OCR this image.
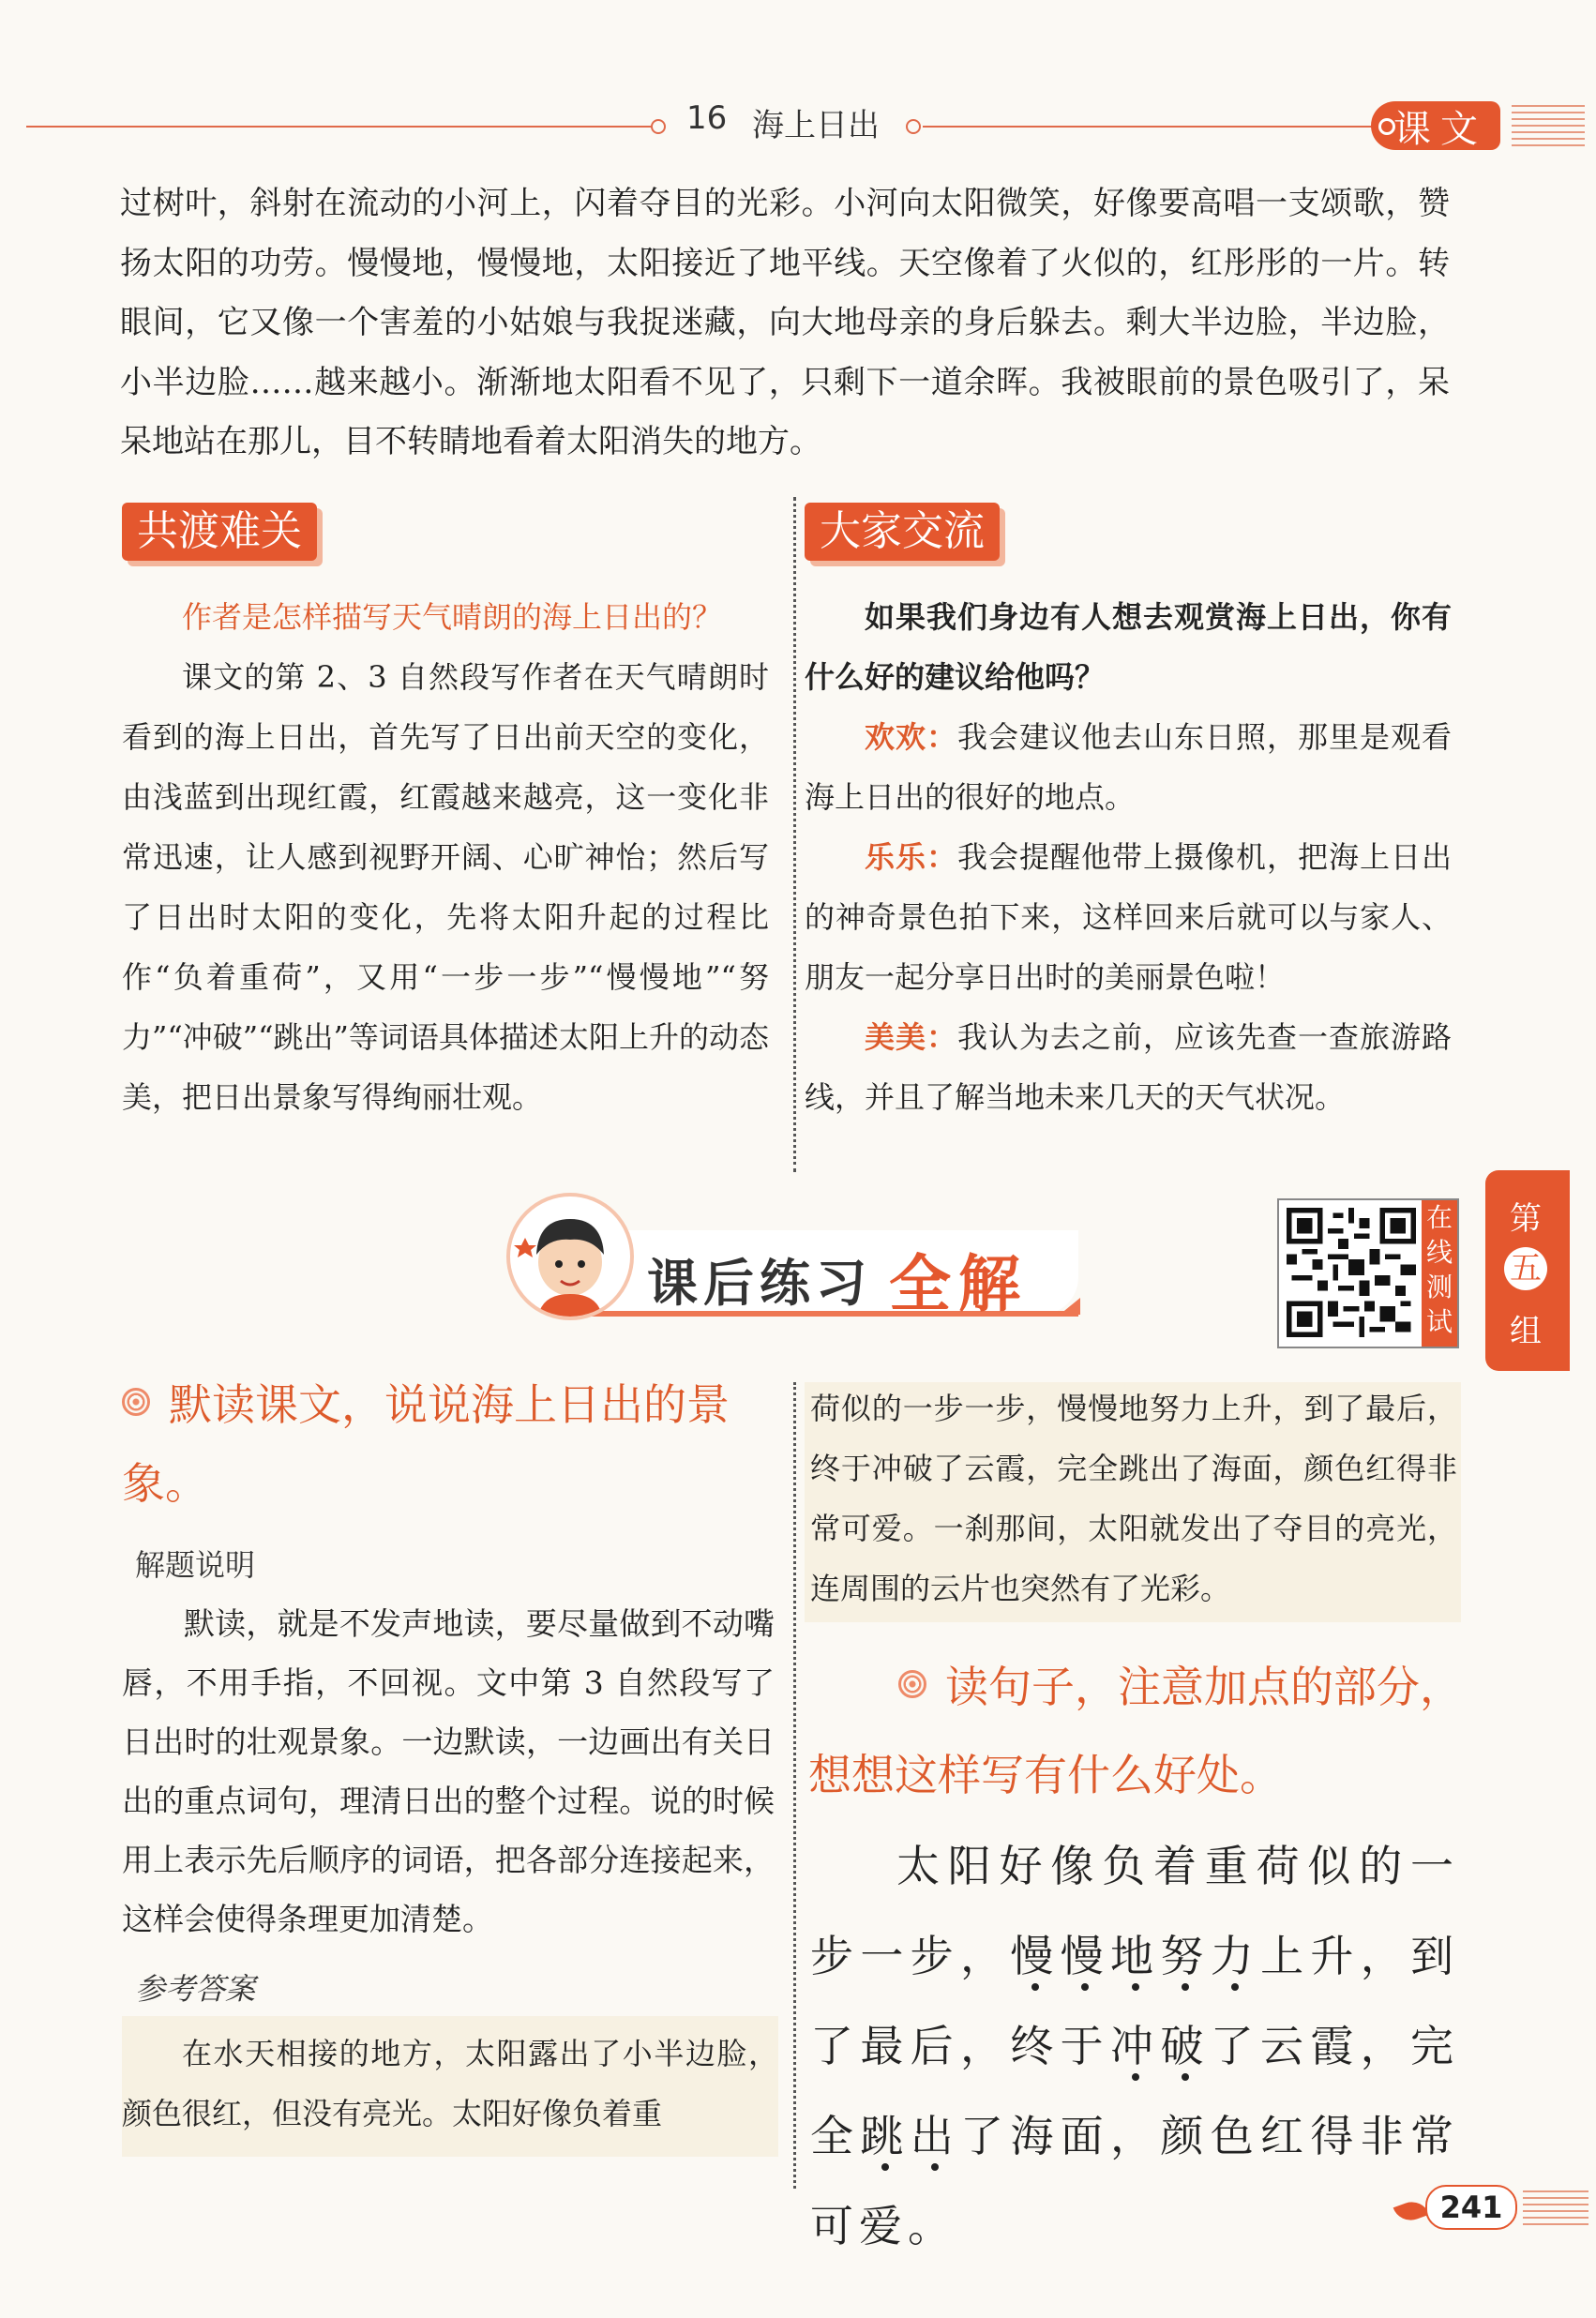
16 海上日出	课文
过树叶，斜射在流动的小河上，闪着夺目的光彩。小河向太阳微笑，好像要高唱一支颂歌，赞扬太阳的功劳。慢慢地，慢慢地，太阳接近了地平线。天空像着了火似的，红彤彤的一片。转眼间，它又像一个害羞的小姑娘与我捉迷藏，向大地母亲的身后躲去。剩大半边脸，半边脸，小半边脸……越来越小。渐渐地太阳看不见了，只剩下一道余晖。我被眼前的景色吸引了，呆呆地站在那儿，目不转睛地看着太阳消失的地方。
共渡难关

作者是怎样描写天气晴朗的海上日出的？

课文的第 2、3 自然段写作者在天气晴朗时看到的海上日出，首先写了日出前天空的变化，由浅蓝到出现红霞，红霞越来越亮，这一变化非常迅速，让人感到视野开阔、心旷神怡；然后写了日出时太阳的变化，先将太阳升起的过程比作“负着重荷”，又用“一步一步”“慢慢地”“努力”“冲破”“跳出”等词语具体描述太阳上升的动态美，把日出景象写得绚丽壮观。

大家交流

如果我们身边有人想去观赏海上日出，你有什么好的建议给他吗？

欢欢：我会建议他去山东日照，那里是观看海上日出的很好的地点。

乐乐：我会提醒他带上摄像机，把海上日出的神奇景色拍下来，这样回来后就可以与家人、朋友一起分享日出时的美丽景色啦！

美美：我认为去之前，应该先查一查旅游路线，并且了解当地未来几天的天气状况。

课后练习 全解
在
线
测
试
第
五
组
默读课文，说说海上日出的景象。
解题说明

默读，就是不发声地读，要尽量做到不动嘴唇，不用手指，不回视。文中第 3 自然段写了日出时的壮观景象。一边默读，一边画出有关日出的重点词句，理清日出的整个过程。说的时候用上表示先后顺序的词语，把各部分连接起来，这样会使得条理更加清楚。

参考答案

在水天相接的地方，太阳露出了小半边脸，颜色很红，但没有亮光。太阳好像负着重

荷似的一步一步，慢慢地努力上升，到了最后，终于冲破了云霞，完全跳出了海面，颜色红得非常可爱。一刹那间，太阳就发出了夺目的亮光，连周围的云片也突然有了光彩。

读句子，注意加点的部分，想想这样写有什么好处。
太阳好像负着重荷似的一步一步，慢慢地努力上升，到了最后，终于冲破了云霞，完全跳出了海面，颜色红得非常可爱。	241
